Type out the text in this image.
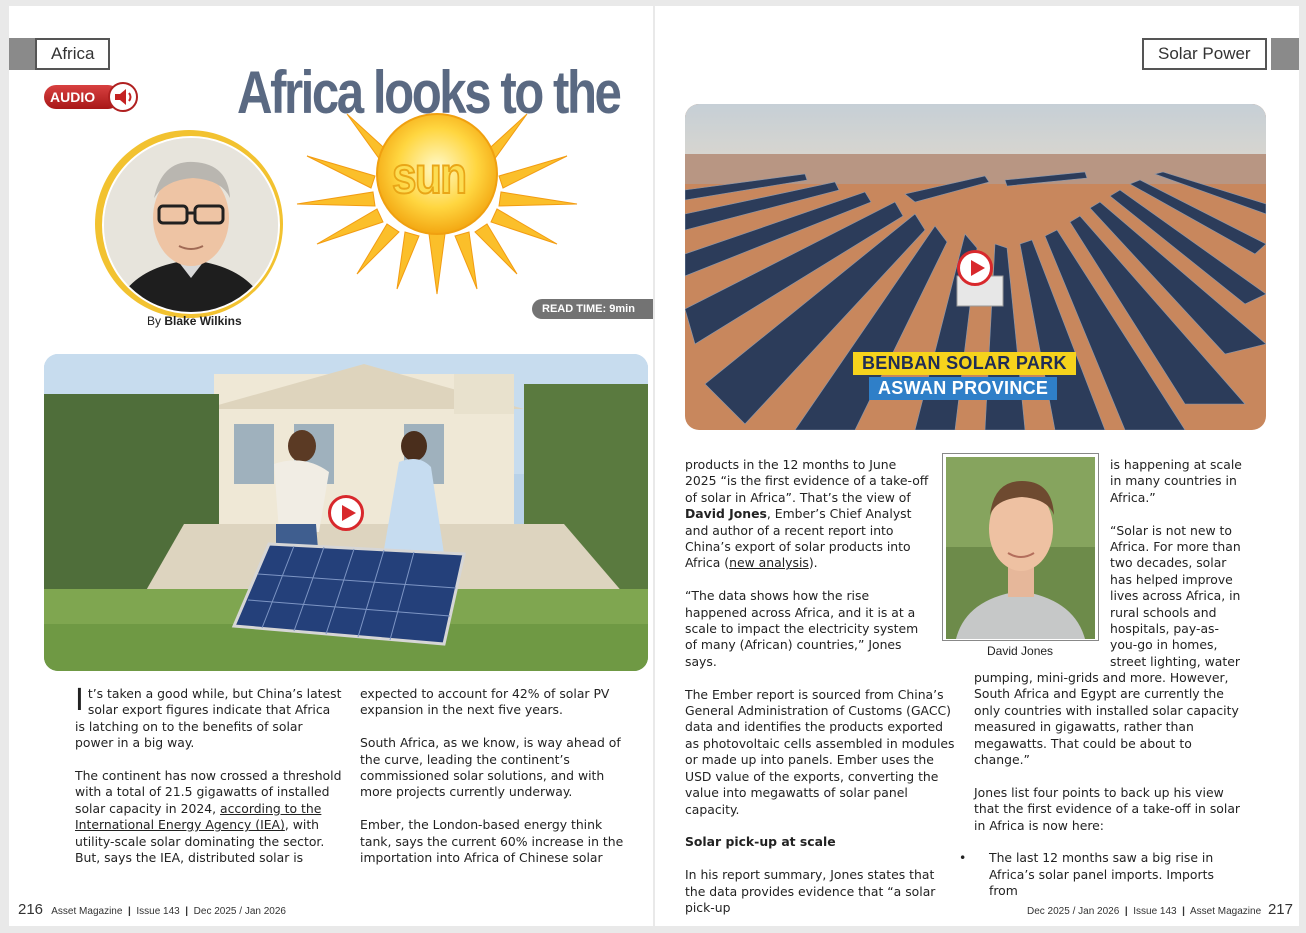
Africa
AUDIO	Africa looks to the
sun
By Blake Wilkins
READ TIME: 9min

It’s taken a good while, but China’s latest solar export figures indicate that Africa is latching on to the benefits of solar power in a big way.

The continent has now crossed a threshold with a total of 21.5 gigawatts of installed solar capacity in 2024, according to the International Energy Agency (IEA), with utility-scale solar dominating the sector. But, says the IEA, distributed solar is

expected to account for 42% of solar PV expansion in the next five years.

South Africa, as we know, is way ahead of the curve, leading the continent’s commissioned solar solutions, and with more projects currently underway.

Ember, the London-based energy think tank, says the current 60% increase in the importation into Africa of Chinese solar

216 Asset Magazine | Issue 143 | Dec 2025 / Jan 2026
Solar Power
BENBAN SOLAR PARK
ASWAN PROVINCE
David Jones

products in the 12 months to June 2025 “is the first evidence of a take-off of solar in Africa”. That’s the view of David Jones, Ember’s Chief Analyst and author of a recent report into China’s export of solar products into Africa (new analysis).

“The data shows how the rise happened across Africa, and it is at a scale to impact the electricity system of many (African) countries,” Jones says.

The Ember report is sourced from China’s General Administration of Customs (GACC) data and identifies the products exported as photovoltaic cells assembled in modules or made up into panels. Ember uses the USD value of the exports, converting the value into megawatts of solar panel capacity.

Solar pick-up at scale

In his report summary, Jones states that the data provides evidence that “a solar pick-up

is happening at scale in many countries in Africa.”

“Solar is not new to Africa. For more than two decades, solar has helped improve lives across Africa, in rural schools and hospitals, pay-as-you-go in homes, street lighting, water

pumping, mini-grids and more. However, South Africa and Egypt are currently the only countries with installed solar capacity measured in gigawatts, rather than megawatts. That could be about to change.”

Jones list four points to back up his view that the first evidence of a take-off in solar in Africa is now here:

• The last 12 months saw a big rise in Africa’s solar panel imports. Imports from

Dec 2025 / Jan 2026 | Issue 143 | Asset Magazine 217
